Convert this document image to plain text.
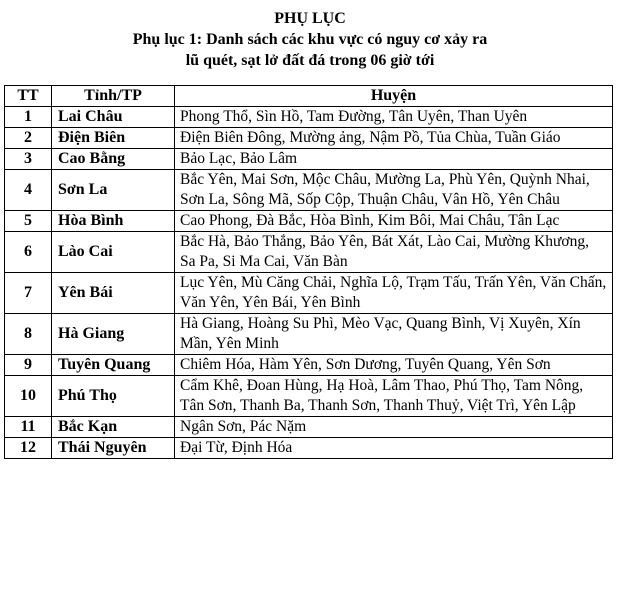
PHỤ LỤC
Phụ lục 1: Danh sách các khu vực có nguy cơ xảy ra
lũ quét, sạt lở đất đá trong 06 giờ tới
TT	Tỉnh/TP	Huyện
1	Lai Châu	Phong Thổ, Sìn Hồ, Tam Đường, Tân Uyên, Than Uyên
2	Điện Biên	Điện Biên Đông, Mường ảng, Nậm Pồ, Tủa Chùa, Tuần Giáo
3	Cao Bằng	Bảo Lạc, Bảo Lâm
4	Sơn La	Bắc Yên, Mai Sơn, Mộc Châu, Mường La, Phù Yên, Quỳnh Nhai, Sơn La, Sông Mã, Sốp Cộp, Thuận Châu, Vân Hồ, Yên Châu
5	Hòa Bình	Cao Phong, Đà Bắc, Hòa Bình, Kim Bôi, Mai Châu, Tân Lạc
6	Lào Cai	Bắc Hà, Bảo Thắng, Bảo Yên, Bát Xát, Lào Cai, Mường Khương, Sa Pa, Si Ma Cai, Văn Bàn
7	Yên Bái	Lục Yên, Mù Căng Chải, Nghĩa Lộ, Trạm Tấu, Trấn Yên, Văn Chấn, Văn Yên, Yên Bái, Yên Bình
8	Hà Giang	Hà Giang, Hoàng Su Phì, Mèo Vạc, Quang Bình, Vị Xuyên, Xín Mần, Yên Minh
9	Tuyên Quang	Chiêm Hóa, Hàm Yên, Sơn Dương, Tuyên Quang, Yên Sơn
10	Phú Thọ	Cẩm Khê, Đoan Hùng, Hạ Hoà, Lâm Thao, Phú Thọ, Tam Nông, Tân Sơn, Thanh Ba, Thanh Sơn, Thanh Thuỷ, Việt Trì, Yên Lập
11	Bắc Kạn	Ngân Sơn, Pác Nặm
12	Thái Nguyên	Đại Từ, Định Hóa
